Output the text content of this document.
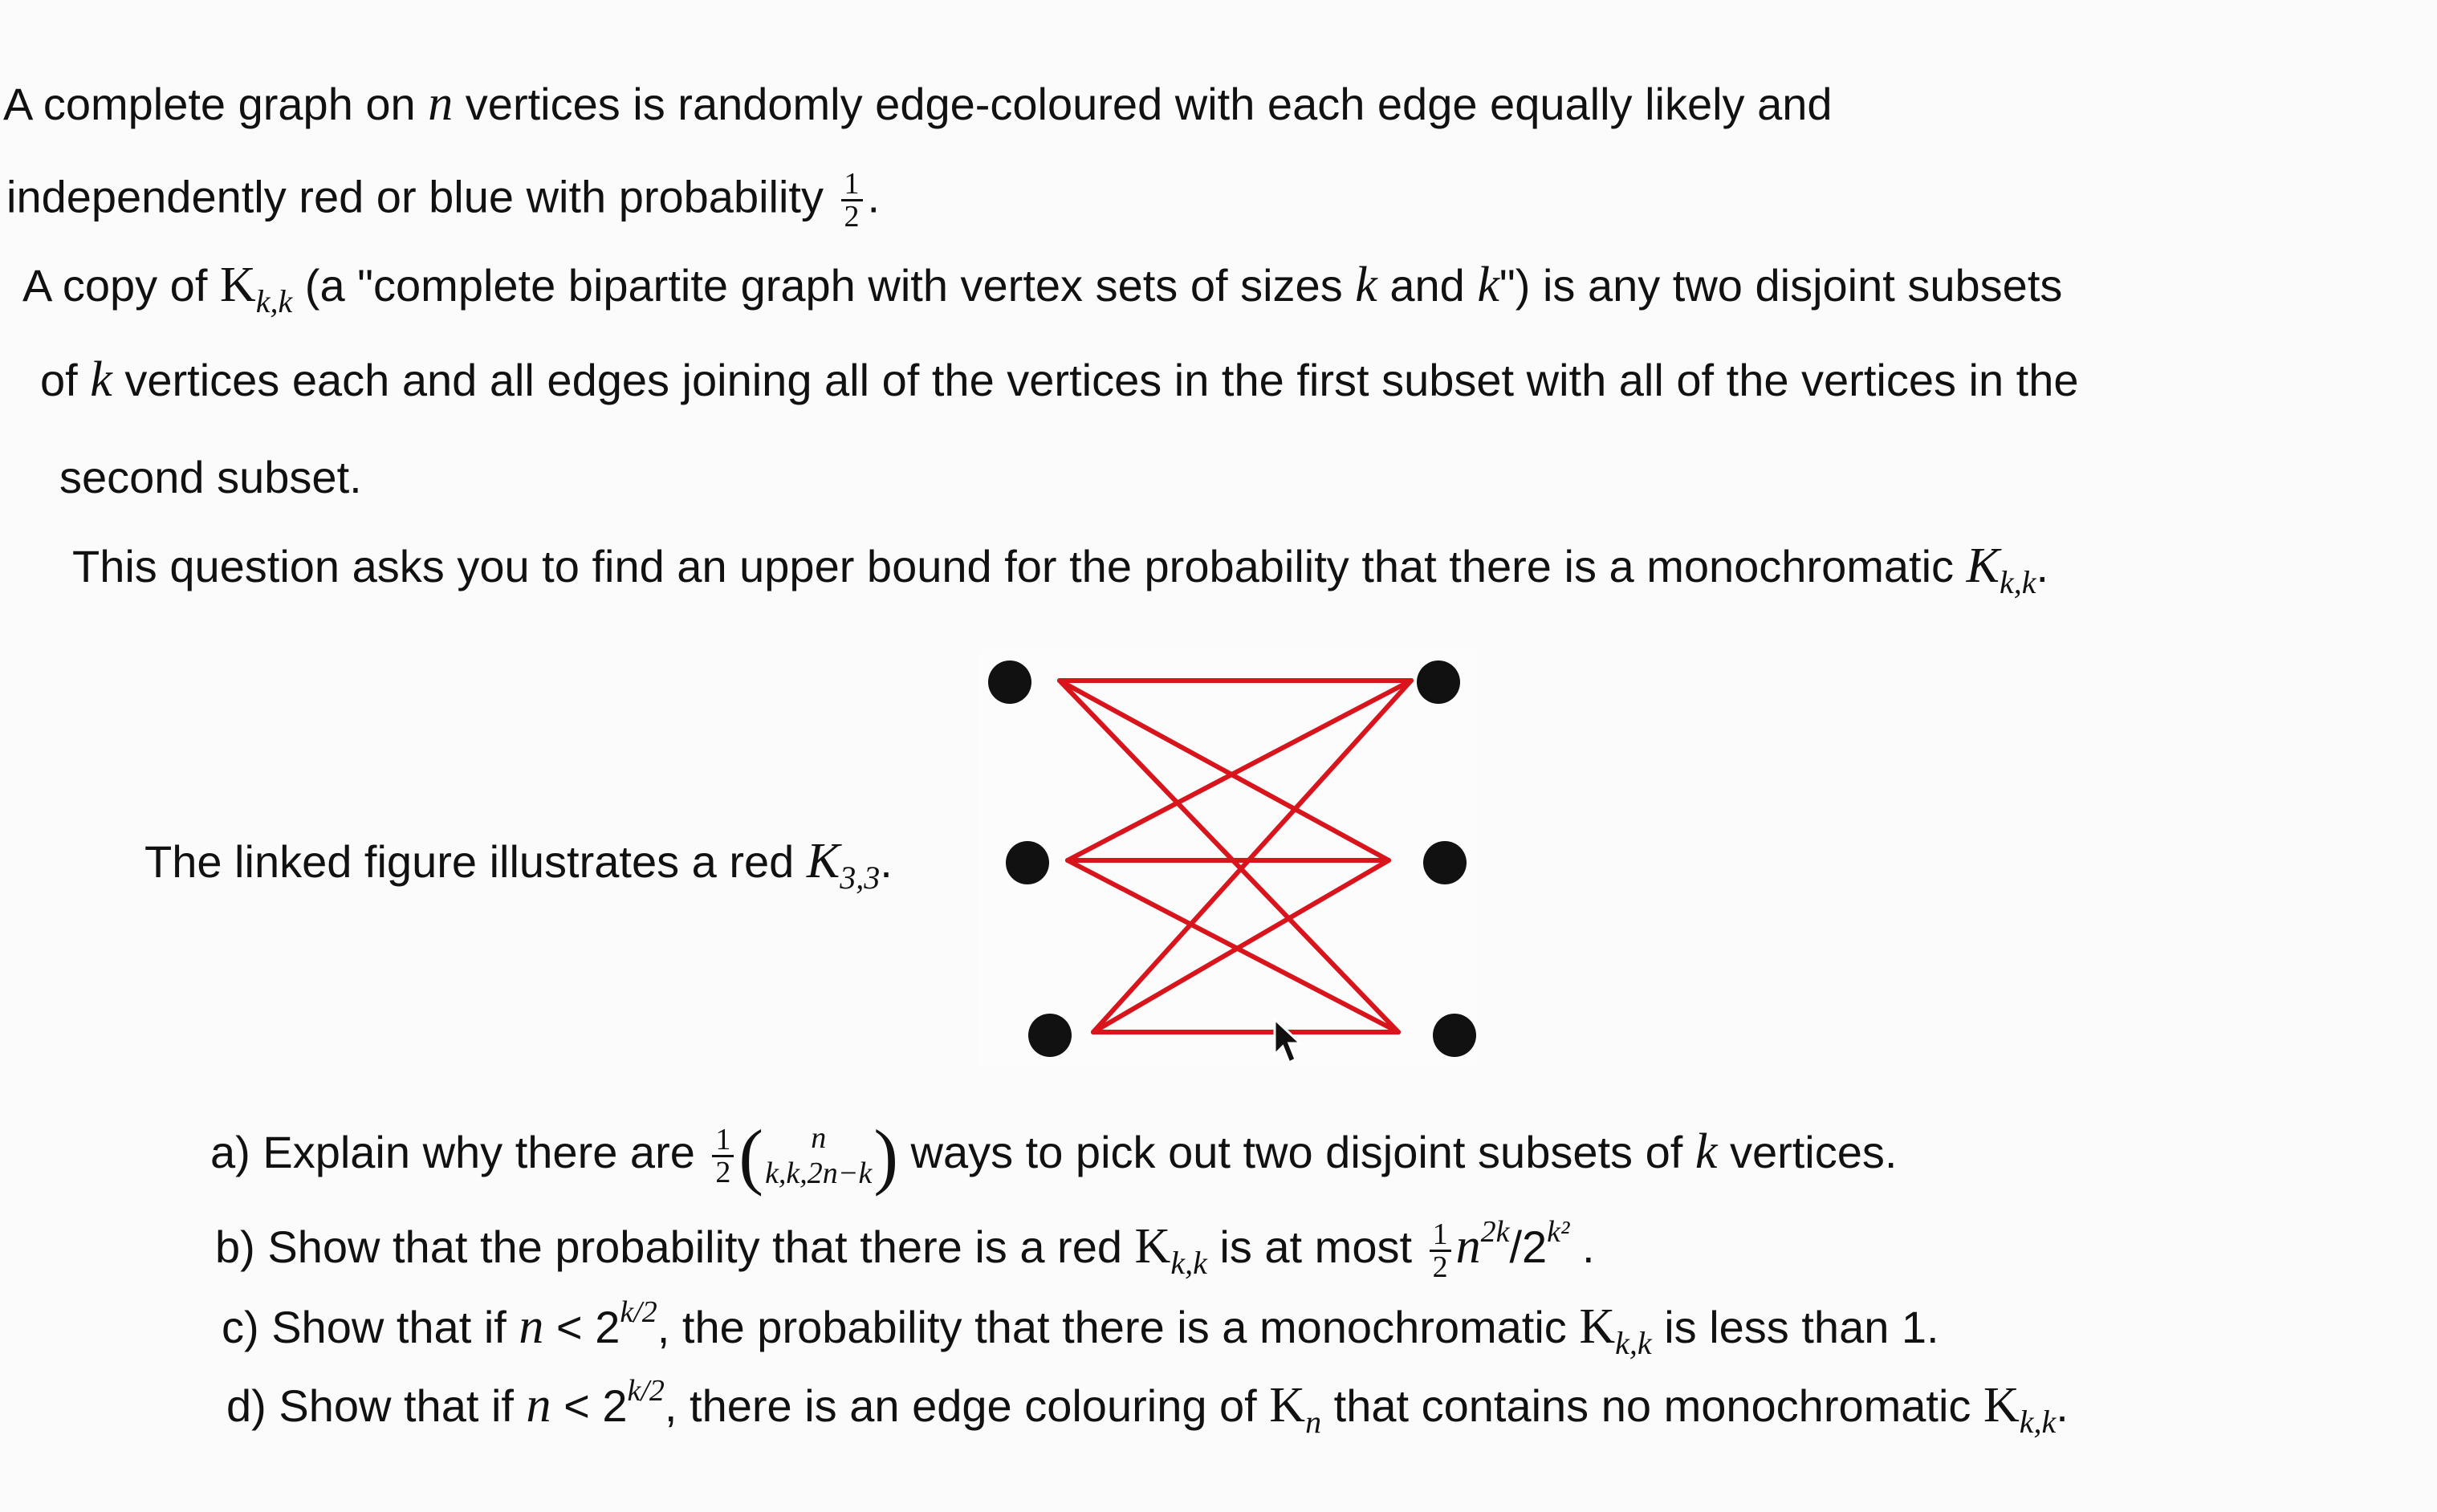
A complete graph on n vertices is randomly edge-coloured with each edge equally likely and
independently red or blue with probability $\frac{1}{2}$ .
A copy of $K_{k,k}$ (a "complete bipartite graph with vertex sets of sizes k and k") is any two disjoint subsets
of k vertices each and all edges joining all of the vertices in the first subset with all of the vertices in the
second subset.
This question asks you to find an upper bound for the probability that there is a monochromatic $K_{k,k}$.
The linked figure illustrates a red $K_{3,3}$.
a) Explain why there are $\frac{1}{2}$ (	n
k,k,2n−k ) ways to pick out two disjoint subsets of k vertices.
b) Show that the probability that there is a red $K_{k,k}$ is at most $\frac{1}{2} n^{2k}/2^{k^2}$ .
c) Show that if $n < 2^{k/2}$, the probability that there is a monochromatic $K_{k,k}$ is less than 1.
d) Show that if $n < 2^{k/2}$, there is an edge colouring of $K_n$ that contains no monochromatic $K_{k,k}$.
